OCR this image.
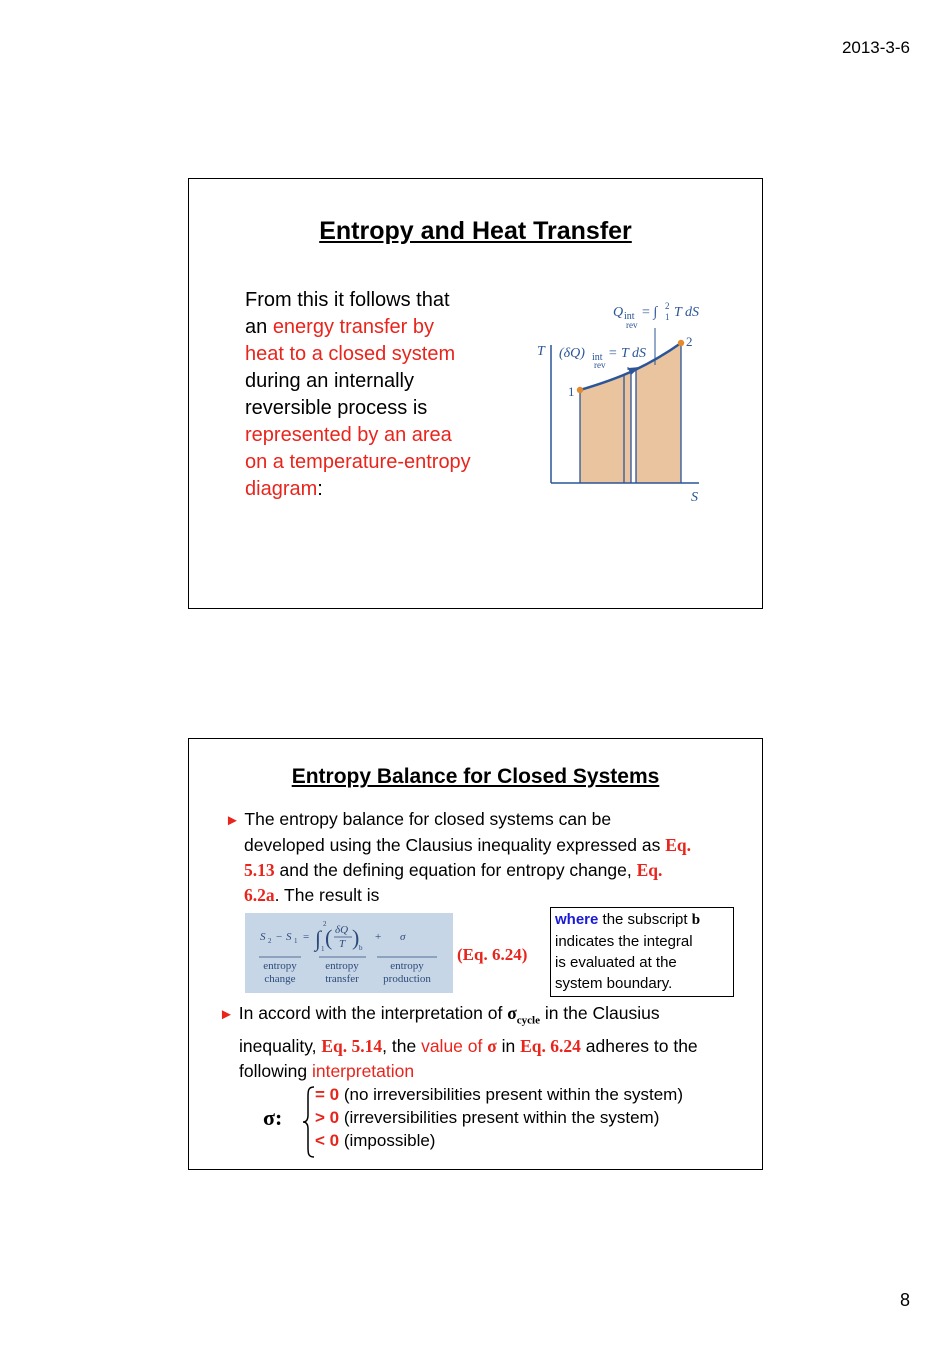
2013-3-6
Entropy and Heat Transfer
From this it follows that
an energy transfer by
heat to a closed system
during an internally
reversible process is
represented by an area
on a temperature-entropy
diagram:
1
2
T
S
Q int
rev
= ∫ 2
1 T dS
(δQ) int
rev
= T dS
Entropy Balance for Closed Systems
► The entropy balance for closed systems can be
developed using the Clausius inequality expressed as Eq.
5.13 and the defining equation for entropy change, Eq.
6.2a. The result is
S 2 − S 1 = ∫
2
1 ( δQ
T ) b
+ σ
entropy
change
entropy
transfer
entropy
production
(Eq. 6.24)
where the subscript b
indicates the integral
is evaluated at the
system boundary.
► In accord with the interpretation of $\sigma_{cycle}$ in the Clausius
inequality, Eq. 5.14, the value of σ in Eq. 6.24 adheres to the
following interpretation
σ:
= 0 (no irreversibilities present within the system)
> 0 (irreversibilities present within the system)
< 0 (impossible)
8
